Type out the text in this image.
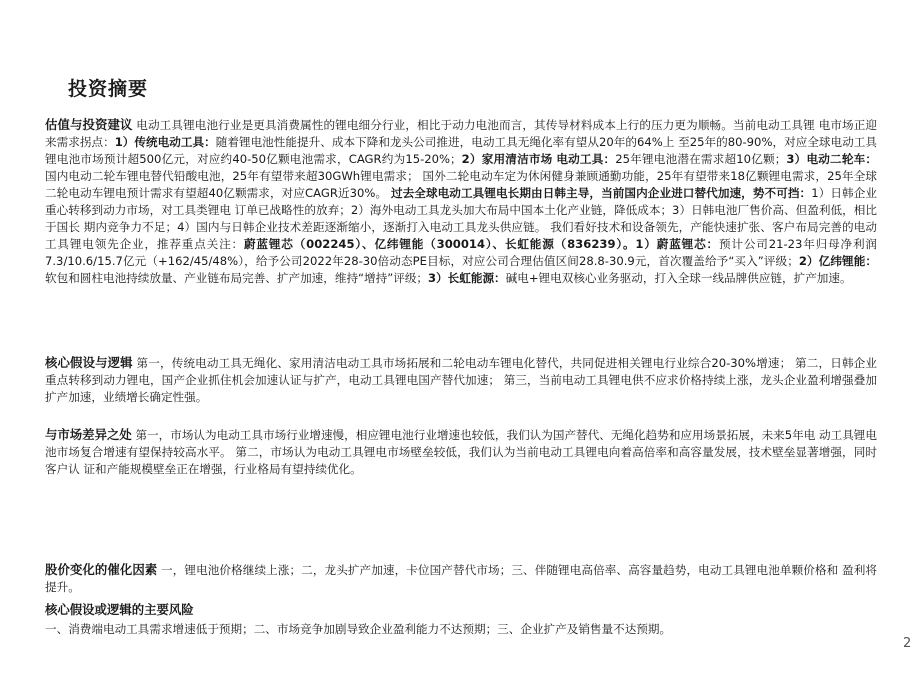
投资摘要
估值与投资建议 电动工具锂电池行业是更具消费属性的锂电细分行业，相比于动力电池而言，其传导材料成本上行的压力更为顺畅。当前电动工具锂 电市场正迎来需求拐点：1）传统电动工具：随着锂电池性能提升、成本下降和龙头公司推进，电动工具无绳化率有望从20年的64%上 至25年的80-90%，对应全球电动工具锂电池市场预计超500亿元，对应约40-50亿颗电池需求，CAGR约为15-20%；2）家用清洁市场 电动工具：25年锂电池潜在需求超10亿颗；3）电动二轮车：国内电动二轮车锂电替代铅酸电池，25年有望带来超30GWh锂电需求； 国外二轮电动车定为休闲健身兼顾通勤功能，25年有望带来18亿颗锂电需求，25年全球二轮电动车锂电预计需求有望超40亿颗需求，对应CAGR近30%。 过去全球电动工具锂电长期由日韩主导，当前国内企业进口替代加速，势不可挡：1）日韩企业重心转移到动力市场，对工具类锂电 订单已战略性的放弃；2）海外电动工具龙头加大布局中国本土化产业链，降低成本；3）日韩电池厂售价高、但盈利低，相比于国长 期内竞争力不足；4）国内与日韩企业技术差距逐渐缩小，逐渐打入电动工具龙头供应链。 我们看好技术和设备领先，产能快速扩张、客户布局完善的电动工具锂电领先企业，推荐重点关注：蔚蓝锂芯（002245）、亿纬锂能（300014）、长虹能源（836239）。1）蔚蓝锂芯：预计公司21-23年归母净利润7.3/10.6/15.7亿元（+162/45/48%），给予公司2022年28-30倍动态PE目标，对应公司合理估值区间28.8-30.9元，首次覆盖给予“买入”评级；2）亿纬锂能：软包和圆柱电池持续放量、产业链布局完善、扩产加速，维持“增持”评级；3）长虹能源：碱电+锂电双核心业务驱动，打入全球一线品牌供应链，扩产加速。
核心假设与逻辑 第一，传统电动工具无绳化、家用清洁电动工具市场拓展和二轮电动车锂电化替代，共同促进相关锂电行业综合20-30%增速； 第二，日韩企业重点转移到动力锂电，国产企业抓住机会加速认证与扩产，电动工具锂电国产替代加速； 第三，当前电动工具锂电供不应求价格持续上涨，龙头企业盈利增强叠加扩产加速，业绩增长确定性强。
与市场差异之处 第一，市场认为电动工具市场行业增速慢，相应锂电池行业增速也较低，我们认为国产替代、无绳化趋势和应用场景拓展，未来5年电 动工具锂电池市场复合增速有望保持较高水平。 第二，市场认为电动工具锂电市场壁垒较低，我们认为当前电动工具锂电向着高倍率和高容量发展，技术壁垒显著增强，同时客户认 证和产能规模壁垒正在增强，行业格局有望持续优化。
股价变化的催化因素 一，锂电池价格继续上涨；二，龙头扩产加速，卡位国产替代市场；三、伴随锂电高倍率、高容量趋势，电动工具锂电池单颗价格和 盈利将提升。
核心假设或逻辑的主要风险
一、消费端电动工具需求增速低于预期；二、市场竞争加剧导致企业盈利能力不达预期；三、企业扩产及销售量不达预期。
2
